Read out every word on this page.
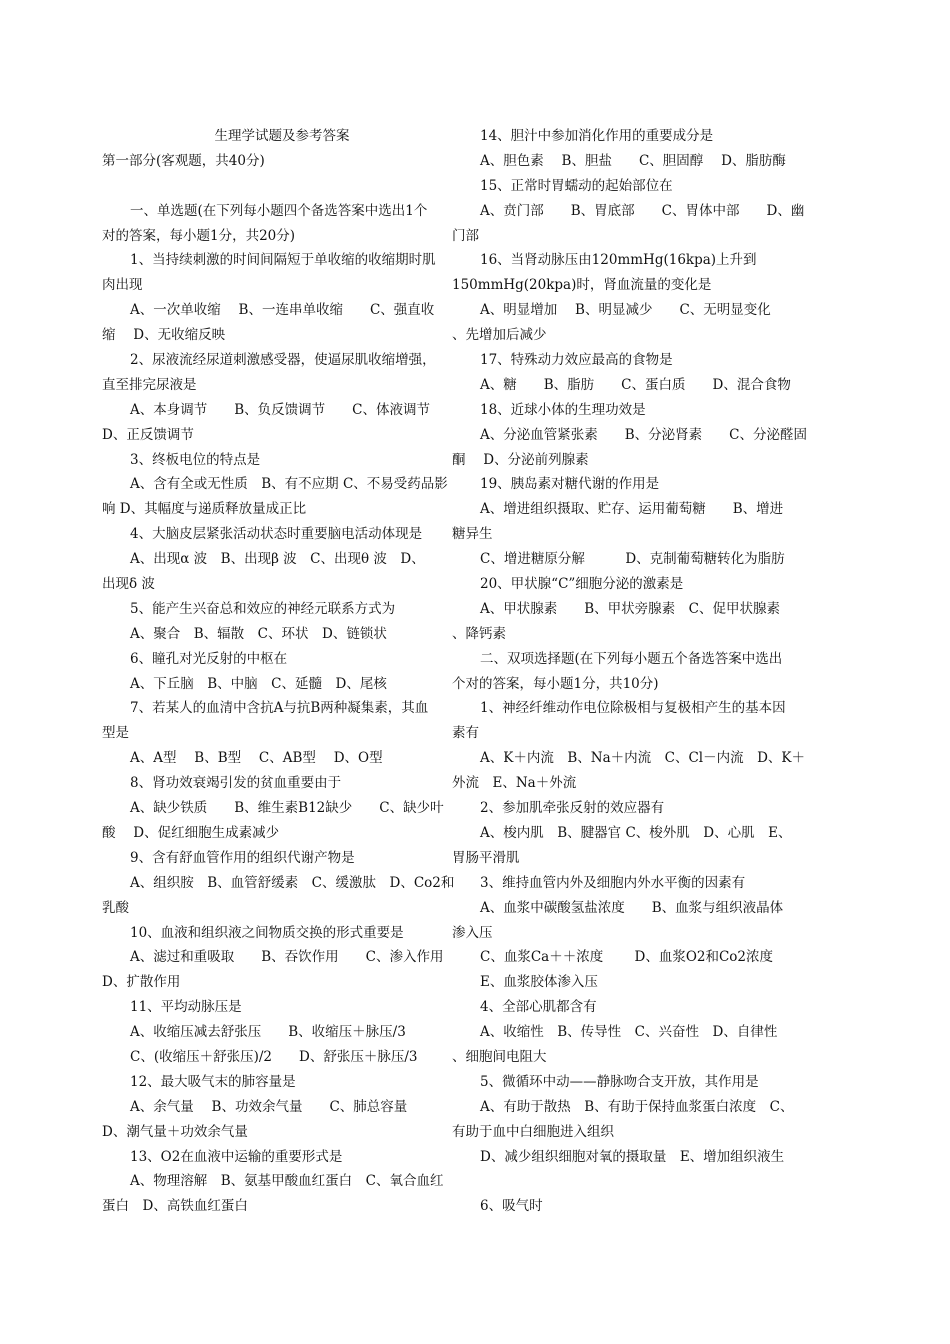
生理学试题及参考答案
第一部分(客观题，共40分)
一、单选题(在下列每小题四个备选答案中选出1个
对的答案，每小题1分，共20分)
1、当持续刺激的时间间隔短于单收缩的收缩期时肌
肉出现
A、一次单收缩　 B、一连串单收缩　　C、强直收
缩　 D、无收缩反映
2、尿液流经尿道刺激感受器，使逼尿肌收缩增强，
直至排完尿液是
A、本身调节　　B、负反馈调节　　C、体液调节
D、正反馈调节
3、终板电位的特点是
A、含有全或无性质　B、有不应期 C、不易受药品影
响 D、其幅度与递质释放量成正比
4、大脑皮层紧张活动状态时重要脑电活动体现是
A、出现α 波　B、出现β 波　C、出现θ 波　D、
出现δ 波
5、能产生兴奋总和效应的神经元联系方式为
A、聚合　B、辐散　C、环状　D、链锁状
6、瞳孔对光反射的中枢在
A、下丘脑　B、中脑　C、延髓　D、尾核
7、若某人的血清中含抗A与抗B两种凝集素，其血
型是
A、A型　 B、B型　 C、AB型　 D、O型
8、肾功效衰竭引发的贫血重要由于
A、缺少铁质　　B、维生素B12缺少　　C、缺少叶
酸　 D、促红细胞生成素减少
9、含有舒血管作用的组织代谢产物是
A、组织胺　B、血管舒缓素　C、缓激肽　D、Co2和
乳酸
10、血液和组织液之间物质交换的形式重要是
A、滤过和重吸取　　B、吞饮作用　　C、渗入作用
D、扩散作用
11、平均动脉压是
A、收缩压减去舒张压　　B、收缩压＋脉压/3
C、(收缩压＋舒张压)/2　　D、舒张压＋脉压/3
12、最大吸气末的肺容量是
A、余气量　 B、功效余气量　　C、肺总容量
D、潮气量＋功效余气量
13、O2在血液中运输的重要形式是
A、物理溶解　B、氨基甲酸血红蛋白　C、氧合血红
蛋白　D、高铁血红蛋白
14、胆汁中参加消化作用的重要成分是
A、胆色素　 B、胆盐　　C、胆固醇　 D、脂肪酶
15、正常时胃蠕动的起始部位在
A、贲门部　　B、胃底部　　C、胃体中部　　D、幽
门部
16、当肾动脉压由120mmHg(16kpa)上升到
150mmHg(20kpa)时，肾血流量的变化是
A、明显增加　 B、明显减少　　C、无明显变化
、先增加后减少
17、特殊动力效应最高的食物是
A、糖　　B、脂肪　　C、蛋白质　　D、混合食物
18、近球小体的生理功效是
A、分泌血管紧张素　　B、分泌肾素　　C、分泌醛固
酮　 D、分泌前列腺素
19、胰岛素对糖代谢的作用是
A、增进组织摄取、贮存、运用葡萄糖　　B、增进
糖异生
C、增进糖原分解　　　D、克制葡萄糖转化为脂肪
20、甲状腺“C”细胞分泌的激素是
A、甲状腺素　　B、甲状旁腺素　C、促甲状腺素
、降钙素
二、双项选择题(在下列每小题五个备选答案中选出
个对的答案，每小题1分，共10分)
1、神经纤维动作电位除极相与复极相产生的基本因
素有
A、K＋内流　B、Na＋内流　C、Cl－内流　D、K＋
外流　E、Na＋外流
2、参加肌牵张反射的效应器有
A、梭内肌　B、腱器官 C、梭外肌　D、心肌　E、
胃肠平滑肌
3、维持血管内外及细胞内外水平衡的因素有
A、血浆中碳酸氢盐浓度　　B、血浆与组织液晶体
渗入压
C、血浆Ca＋＋浓度　　 D、血浆O2和Co2浓度
E、血浆胶体渗入压
4、全部心肌都含有
A、收缩性　B、传导性　C、兴奋性　D、自律性
、细胞间电阻大
5、微循环中动——静脉吻合支开放，其作用是
A、有助于散热　B、有助于保持血浆蛋白浓度　C、
有助于血中白细胞进入组织
D、减少组织细胞对氧的摄取量　E、增加组织液生
6、吸气时
